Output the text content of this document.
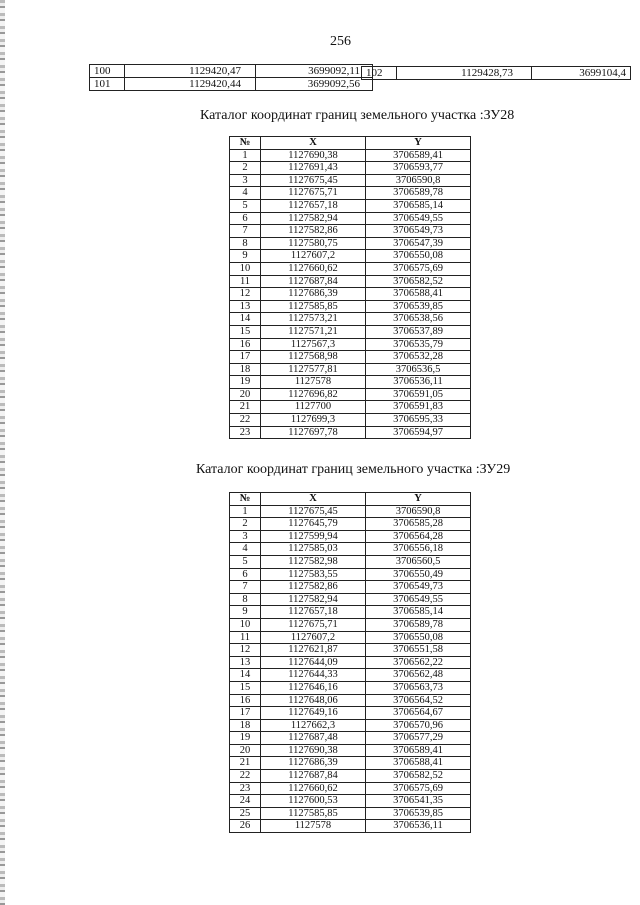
256
100	1129420,47	3699092,11
101	1129420,44	3699092,56
102	1129428,73	3699104,4
Каталог координат границ земельного участка :ЗУ28
№	X	Y
1	1127690,38	3706589,41
2	1127691,43	3706593,77
3	1127675,45	3706590,8
4	1127675,71	3706589,78
5	1127657,18	3706585,14
6	1127582,94	3706549,55
7	1127582,86	3706549,73
8	1127580,75	3706547,39
9	1127607,2	3706550,08
10	1127660,62	3706575,69
11	1127687,84	3706582,52
12	1127686,39	3706588,41
13	1127585,85	3706539,85
14	1127573,21	3706538,56
15	1127571,21	3706537,89
16	1127567,3	3706535,79
17	1127568,98	3706532,28
18	1127577,81	3706536,5
19	1127578	3706536,11
20	1127696,82	3706591,05
21	1127700	3706591,83
22	1127699,3	3706595,33
23	1127697,78	3706594,97
Каталог координат границ земельного участка :ЗУ29
№	X	Y
1	1127675,45	3706590,8
2	1127645,79	3706585,28
3	1127599,94	3706564,28
4	1127585,03	3706556,18
5	1127582,98	3706560,5
6	1127583,55	3706550,49
7	1127582,86	3706549,73
8	1127582,94	3706549,55
9	1127657,18	3706585,14
10	1127675,71	3706589,78
11	1127607,2	3706550,08
12	1127621,87	3706551,58
13	1127644,09	3706562,22
14	1127644,33	3706562,48
15	1127646,16	3706563,73
16	1127648,06	3706564,52
17	1127649,16	3706564,67
18	1127662,3	3706570,96
19	1127687,48	3706577,29
20	1127690,38	3706589,41
21	1127686,39	3706588,41
22	1127687,84	3706582,52
23	1127660,62	3706575,69
24	1127600,53	3706541,35
25	1127585,85	3706539,85
26	1127578	3706536,11
